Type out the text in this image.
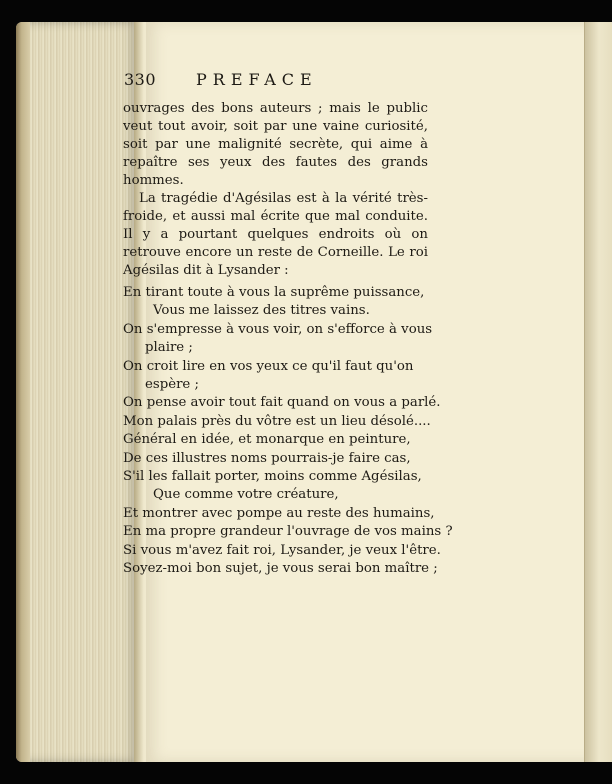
330 PREFACE
ouvrages des bons auteurs ; mais le public
veut tout avoir, soit par une vaine curiosité,
soit par une malignité secrète, qui aime à
repaître ses yeux des fautes des grands
hommes.
La tragédie d'Agésilas est à la vérité très-
froide, et aussi mal écrite que mal conduite.
Il y a pourtant quelques endroits où on
retrouve encore un reste de Corneille. Le roi
Agésilas dit à Lysander :
En tirant toute à vous la suprême puissance,
Vous me laissez des titres vains.
On s'empresse à vous voir, on s'efforce à vous
plaire ;
On croit lire en vos yeux ce qu'il faut qu'on
espère ;
On pense avoir tout fait quand on vous a parlé.
Mon palais près du vôtre est un lieu désolé....
Général en idée, et monarque en peinture,
De ces illustres noms pourrais-je faire cas,
S'il les fallait porter, moins comme Agésilas,
Que comme votre créature,
Et montrer avec pompe au reste des humains,
En ma propre grandeur l'ouvrage de vos mains ?
Si vous m'avez fait roi, Lysander, je veux l'être.
Soyez-moi bon sujet, je vous serai bon maître ;
